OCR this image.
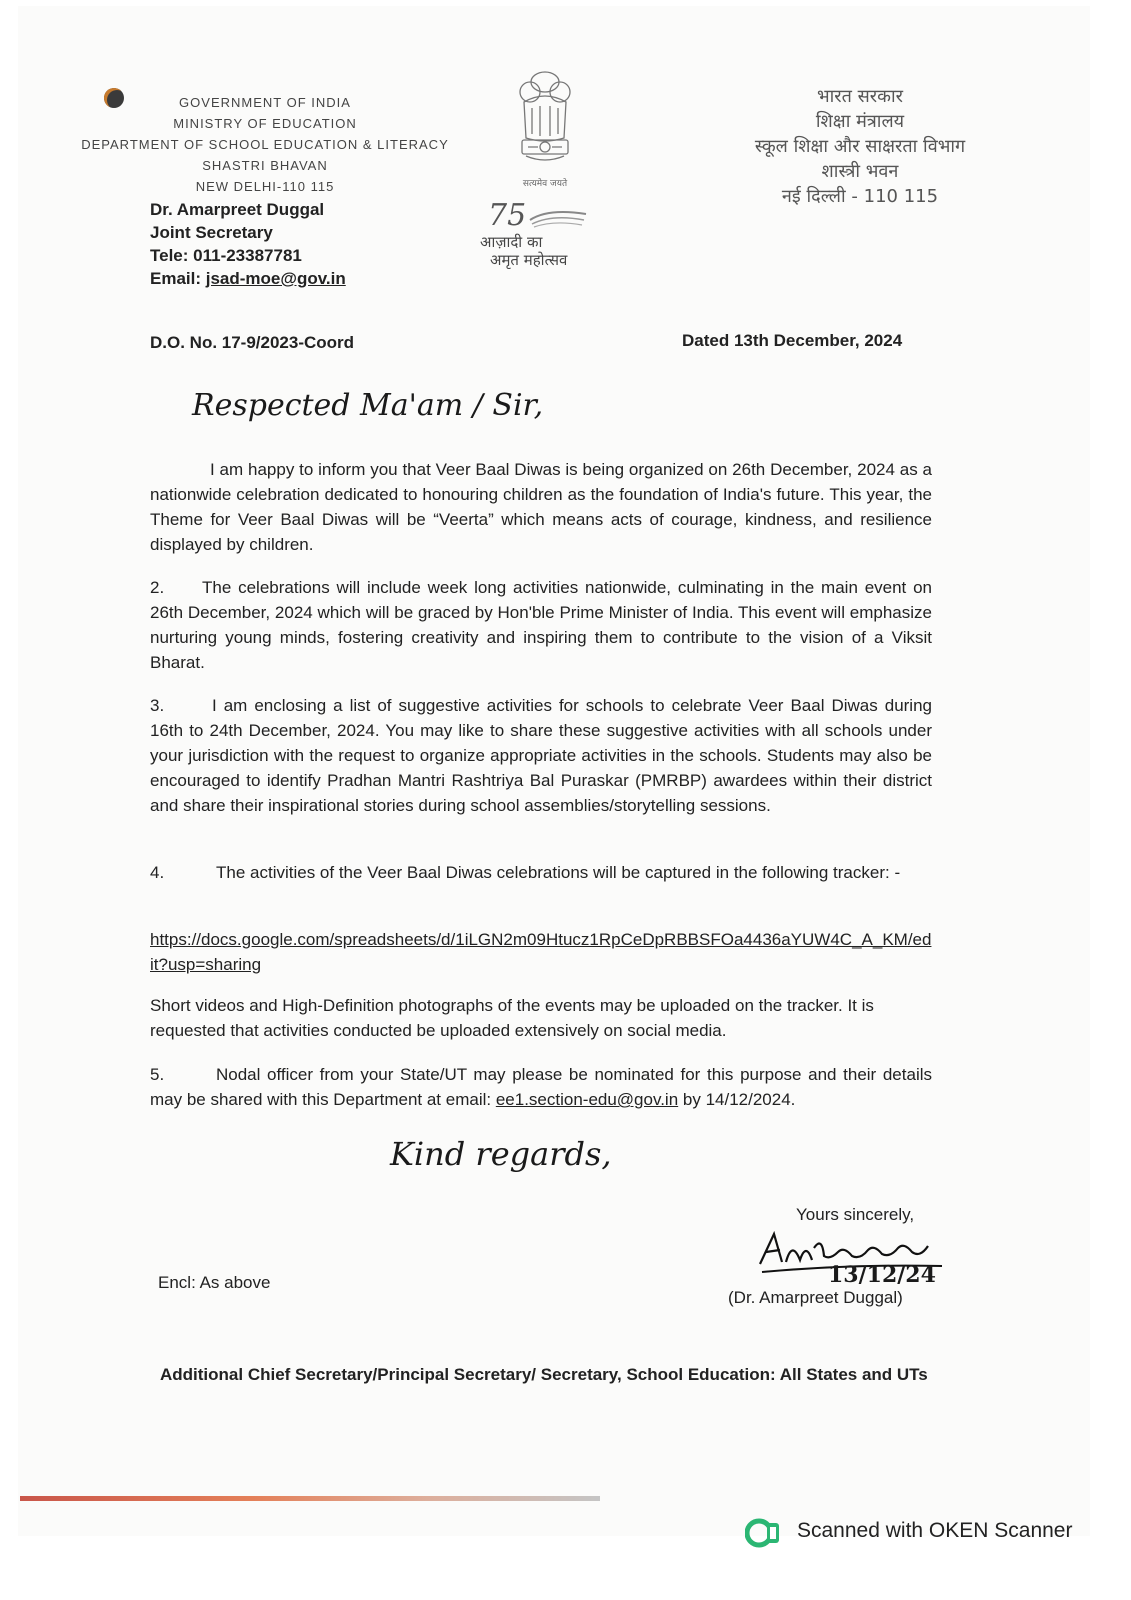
GOVERNMENT OF INDIA
MINISTRY OF EDUCATION
DEPARTMENT OF SCHOOL EDUCATION & LITERACY
SHASTRI BHAVAN
NEW DELHI-110 115
Dr. Amarpreet Duggal
Joint Secretary
Tele: 011-23387781
Email: jsad-moe@gov.in
सत्यमेव जयते
75
आज़ादी का
अमृत महोत्सव
भारत सरकार
शिक्षा मंत्रालय
स्कूल शिक्षा और साक्षरता विभाग
शास्त्री भवन
नई दिल्ली - 110 115
D.O. No. 17-9/2023-Coord	Dated 13th December, 2024
Respected Ma'am / Sir,
I am happy to inform you that Veer Baal Diwas is being organized on 26th December, 2024 as a nationwide celebration dedicated to honouring children as the foundation of India's future. This year, the Theme for Veer Baal Diwas will be “Veerta” which means acts of courage, kindness, and resilience displayed by children.
2. The celebrations will include week long activities nationwide, culminating in the main event on 26th December, 2024 which will be graced by Hon'ble Prime Minister of India. This event will emphasize nurturing young minds, fostering creativity and inspiring them to contribute to the vision of a Viksit Bharat.
3.	I am enclosing a list of suggestive activities for schools to celebrate Veer Baal Diwas during 16th to 24th December, 2024. You may like to share these suggestive activities with all schools under your jurisdiction with the request to organize appropriate activities in the schools. Students may also be encouraged to identify Pradhan Mantri Rashtriya Bal Puraskar (PMRBP) awardees within their district and share their inspirational stories during school assemblies/storytelling sessions.
4.	The activities of the Veer Baal Diwas celebrations will be captured in the following tracker: -
https://docs.google.com/spreadsheets/d/1iLGN2m09Htucz1RpCeDpRBBSFOa4436aYUW4C_A_KM/edit?usp=sharing
Short videos and High-Definition photographs of the events may be uploaded on the tracker. It is requested that activities conducted be uploaded extensively on social media.
5.	Nodal officer from your State/UT may please be nominated for this purpose and their details may be shared with this Department at email: ee1.section-edu@gov.in by 14/12/2024.
Kind regards,
Yours sincerely,
13/12/24
(Dr. Amarpreet Duggal)
Encl: As above
Additional Chief Secretary/Principal Secretary/ Secretary, School Education: All States and UTs
Scanned with OKEN Scanner
